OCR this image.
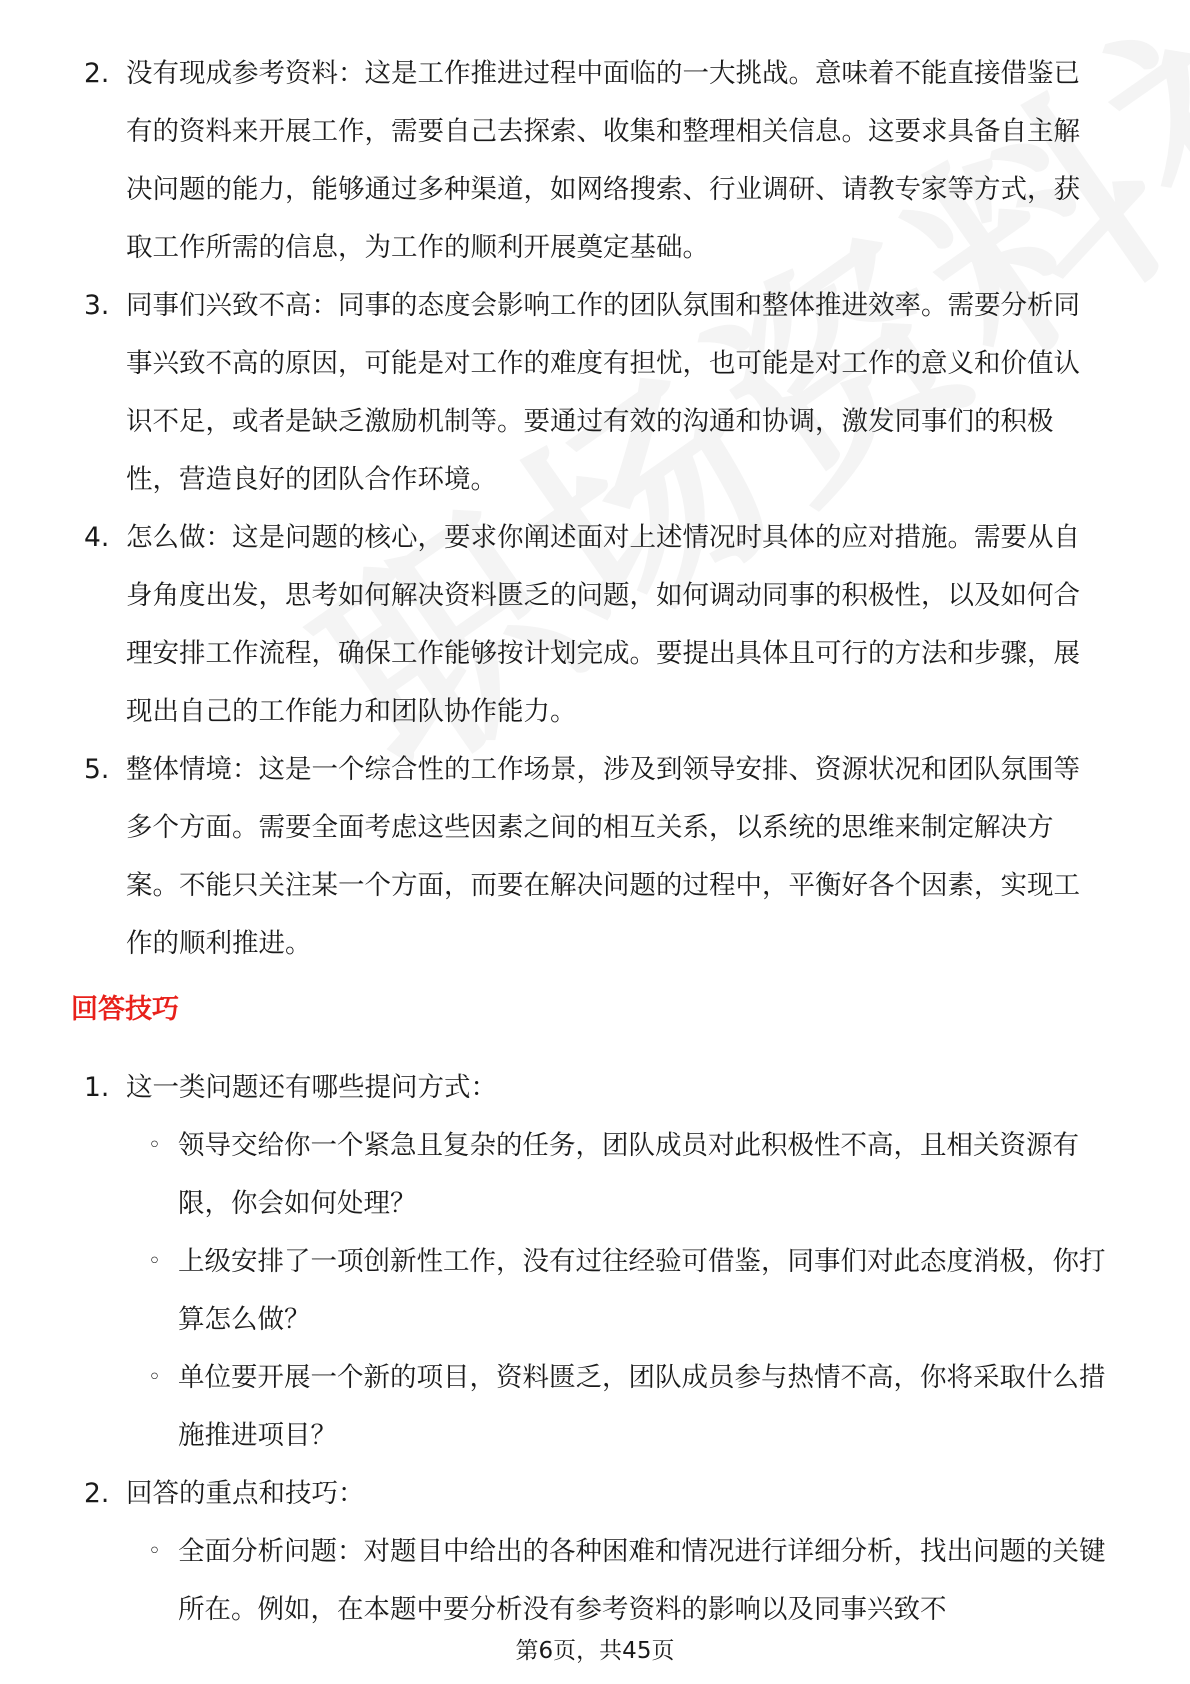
2. 没有现成参考资料：这是工作推进过程中面临的一大挑战。意味着不能直接借鉴已有的资料来开展工作，需要自己去探索、收集和整理相关信息。这要求具备自主解决问题的能力，能够通过多种渠道，如网络搜索、行业调研、请教专家等方式，获取工作所需的信息，为工作的顺利开展奠定基础。
3. 同事们兴致不高：同事的态度会影响工作的团队氛围和整体推进效率。需要分析同事兴致不高的原因，可能是对工作的难度有担忧，也可能是对工作的意义和价值认识不足，或者是缺乏激励机制等。要通过有效的沟通和协调，激发同事们的积极性，营造良好的团队合作环境。
4. 怎么做：这是问题的核心，要求你阐述面对上述情况时具体的应对措施。需要从自身角度出发，思考如何解决资料匮乏的问题，如何调动同事的积极性，以及如何合理安排工作流程，确保工作能够按计划完成。要提出具体且可行的方法和步骤，展现出自己的工作能力和团队协作能力。
5. 整体情境：这是一个综合性的工作场景，涉及到领导安排、资源状况和团队氛围等多个方面。需要全面考虑这些因素之间的相互关系，以系统的思维来制定解决方案。不能只关注某一个方面，而要在解决问题的过程中，平衡好各个因素，实现工作的顺利推进。
回答技巧
1. 这一类问题还有哪些提问方式：
◦ 领导交给你一个紧急且复杂的任务，团队成员对此积极性不高，且相关资源有限，你会如何处理？
◦ 上级安排了一项创新性工作，没有过往经验可借鉴，同事们对此态度消极，你打算怎么做？
◦ 单位要开展一个新的项目，资料匮乏，团队成员参与热情不高，你将采取什么措施推进项目？
2. 回答的重点和技巧：
◦ 全面分析问题：对题目中给出的各种困难和情况进行详细分析，找出问题的关键所在。例如，在本题中要分析没有参考资料的影响以及同事兴致不
第6页，共45页
